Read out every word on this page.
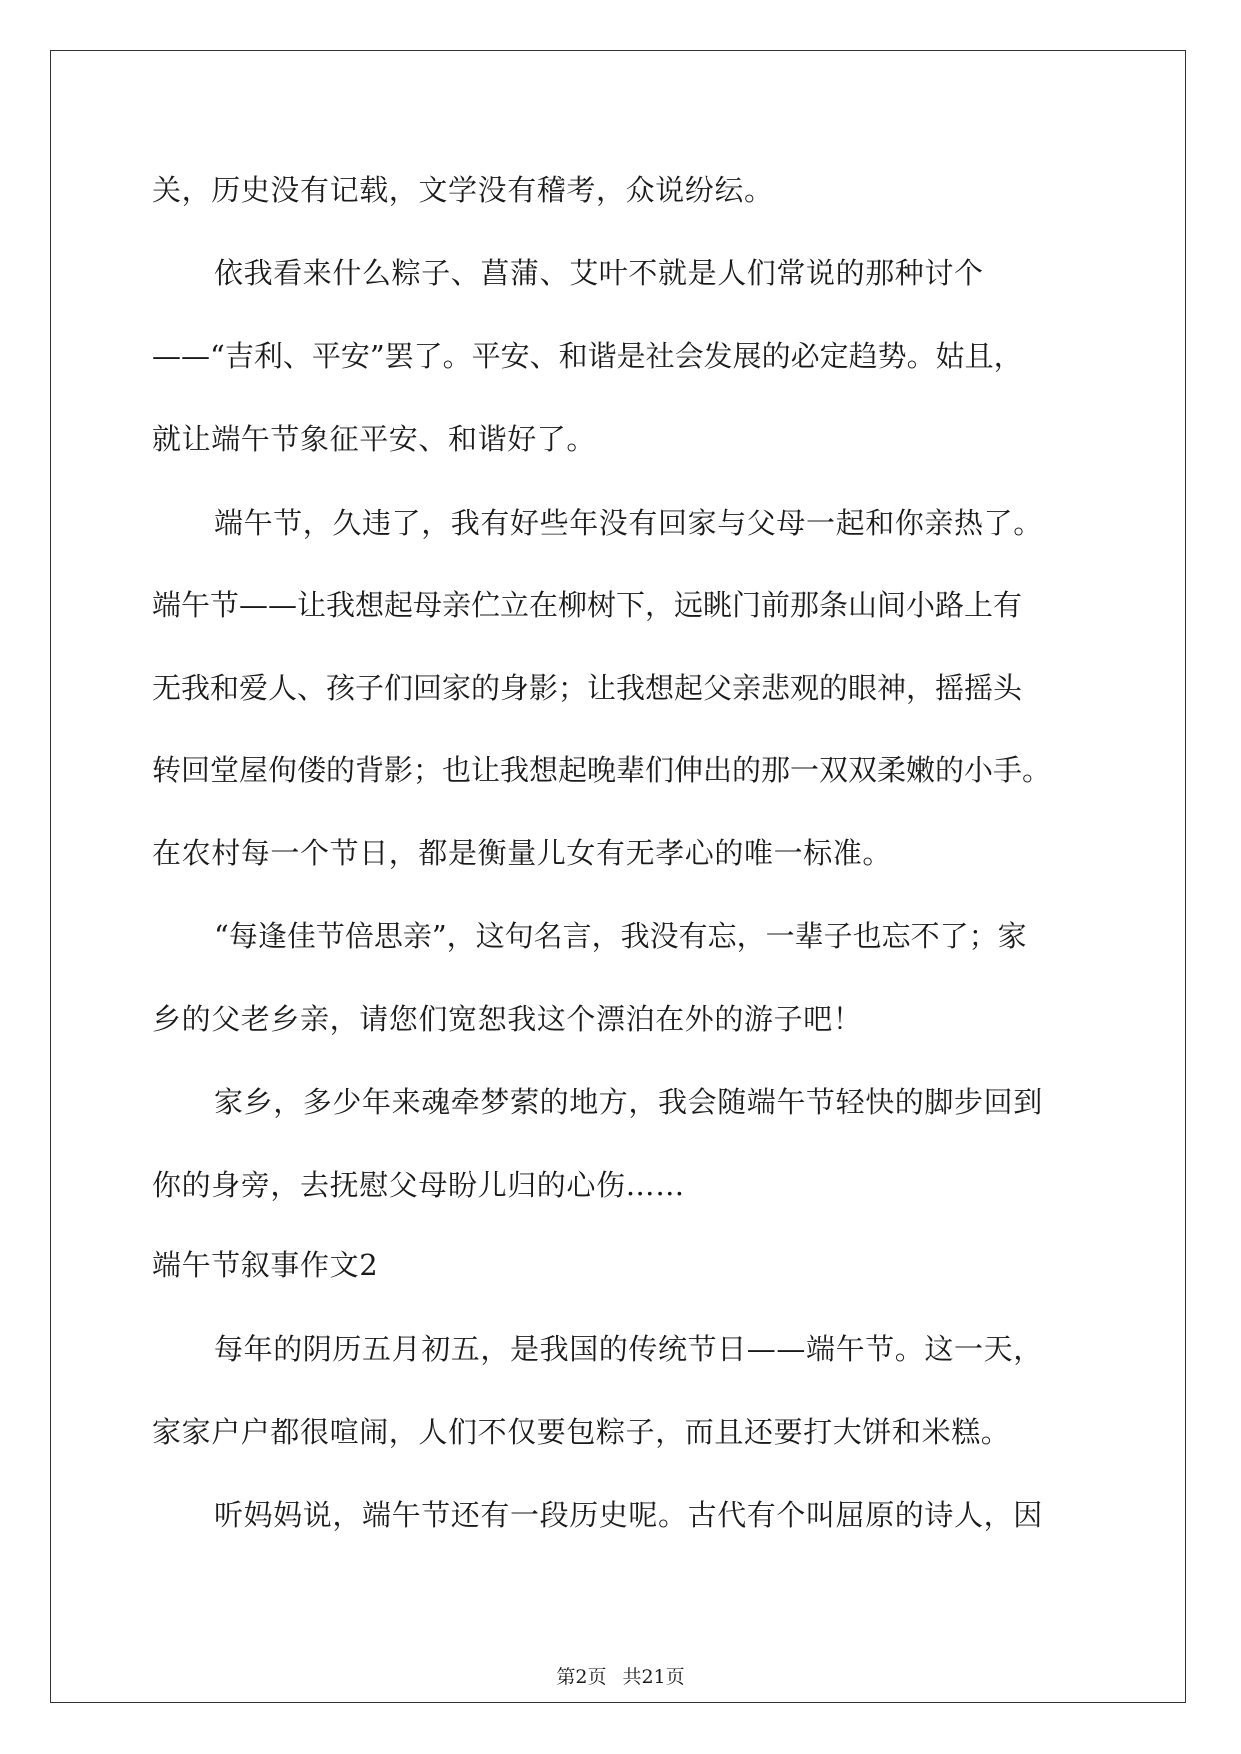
关，历史没有记载，文学没有稽考，众说纷纭。
依我看来什么粽子、菖蒲、艾叶不就是人们常说的那种讨个
——“吉利、平安”罢了。平安、和谐是社会发展的必定趋势。姑且，
就让端午节象征平安、和谐好了。
端午节，久违了，我有好些年没有回家与父母一起和你亲热了。
端午节——让我想起母亲伫立在柳树下，远眺门前那条山间小路上有
无我和爱人、孩子们回家的身影；让我想起父亲悲观的眼神，摇摇头
转回堂屋佝偻的背影；也让我想起晚辈们伸出的那一双双柔嫩的小手。
在农村每一个节日，都是衡量儿女有无孝心的唯一标准。
“每逢佳节倍思亲”，这句名言，我没有忘，一辈子也忘不了；家
乡的父老乡亲，请您们宽恕我这个漂泊在外的游子吧！
家乡，多少年来魂牵梦萦的地方，我会随端午节轻快的脚步回到
你的身旁，去抚慰父母盼儿归的心伤……
端午节叙事作文2
每年的阴历五月初五，是我国的传统节日——端午节。这一天，
家家户户都很喧闹，人们不仅要包粽子，而且还要打大饼和米糕。
听妈妈说，端午节还有一段历史呢。古代有个叫屈原的诗人，因
第2页 共21页
